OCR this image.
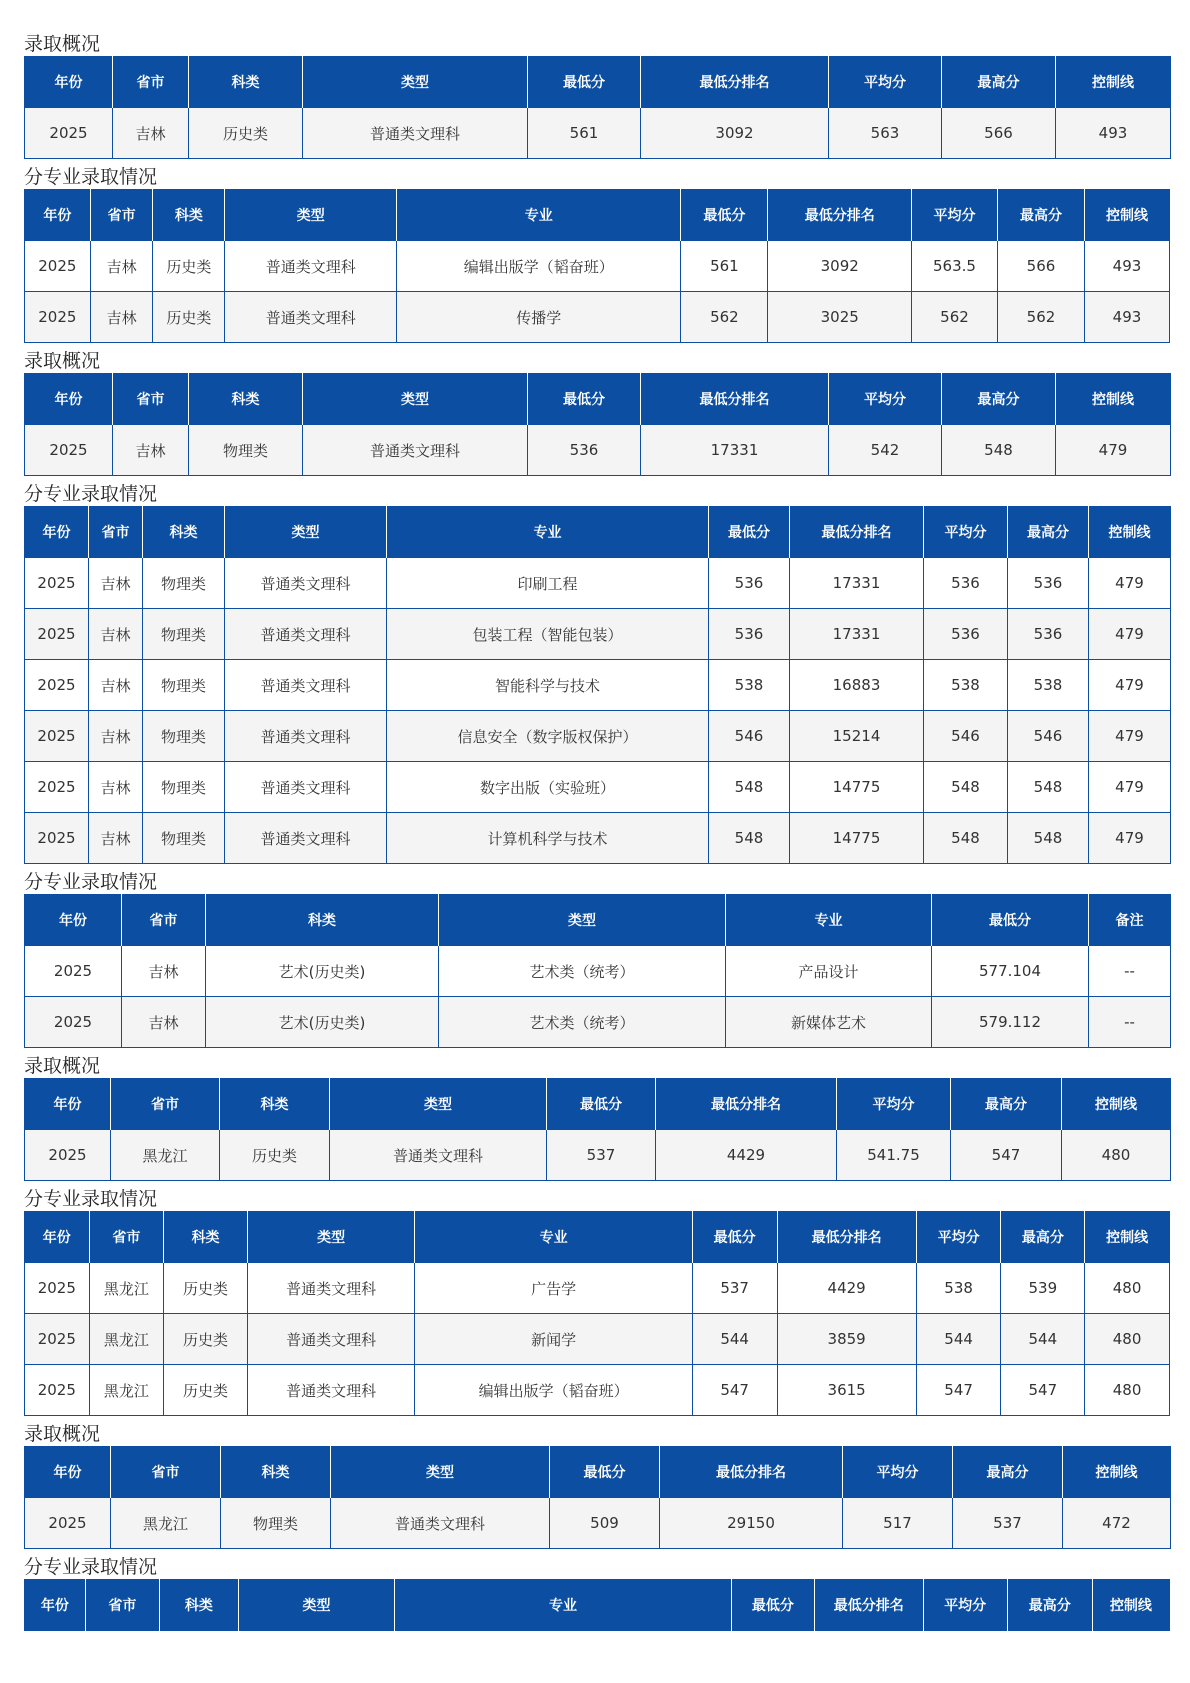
录取概况
年份	省市	科类	类型	最低分	最低分排名	平均分	最高分	控制线
2025	吉林	历史类	普通类文理科	561	3092	563	566	493
分专业录取情况
年份	省市	科类	类型	专业	最低分	最低分排名	平均分	最高分	控制线
2025	吉林	历史类	普通类文理科	编辑出版学（韬奋班）	561	3092	563.5	566	493
2025	吉林	历史类	普通类文理科	传播学	562	3025	562	562	493
录取概况
年份	省市	科类	类型	最低分	最低分排名	平均分	最高分	控制线
2025	吉林	物理类	普通类文理科	536	17331	542	548	479
分专业录取情况
年份	省市	科类	类型	专业	最低分	最低分排名	平均分	最高分	控制线
2025	吉林	物理类	普通类文理科	印刷工程	536	17331	536	536	479
2025	吉林	物理类	普通类文理科	包装工程（智能包装）	536	17331	536	536	479
2025	吉林	物理类	普通类文理科	智能科学与技术	538	16883	538	538	479
2025	吉林	物理类	普通类文理科	信息安全（数字版权保护）	546	15214	546	546	479
2025	吉林	物理类	普通类文理科	数字出版（实验班）	548	14775	548	548	479
2025	吉林	物理类	普通类文理科	计算机科学与技术	548	14775	548	548	479
分专业录取情况
年份	省市	科类	类型	专业	最低分	备注
2025	吉林	艺术(历史类)	艺术类（统考）	产品设计	577.104	--
2025	吉林	艺术(历史类)	艺术类（统考）	新媒体艺术	579.112	--
录取概况
年份	省市	科类	类型	最低分	最低分排名	平均分	最高分	控制线
2025	黑龙江	历史类	普通类文理科	537	4429	541.75	547	480
分专业录取情况
年份	省市	科类	类型	专业	最低分	最低分排名	平均分	最高分	控制线
2025	黑龙江	历史类	普通类文理科	广告学	537	4429	538	539	480
2025	黑龙江	历史类	普通类文理科	新闻学	544	3859	544	544	480
2025	黑龙江	历史类	普通类文理科	编辑出版学（韬奋班）	547	3615	547	547	480
录取概况
年份	省市	科类	类型	最低分	最低分排名	平均分	最高分	控制线
2025	黑龙江	物理类	普通类文理科	509	29150	517	537	472
分专业录取情况
年份	省市	科类	类型	专业	最低分	最低分排名	平均分	最高分	控制线
